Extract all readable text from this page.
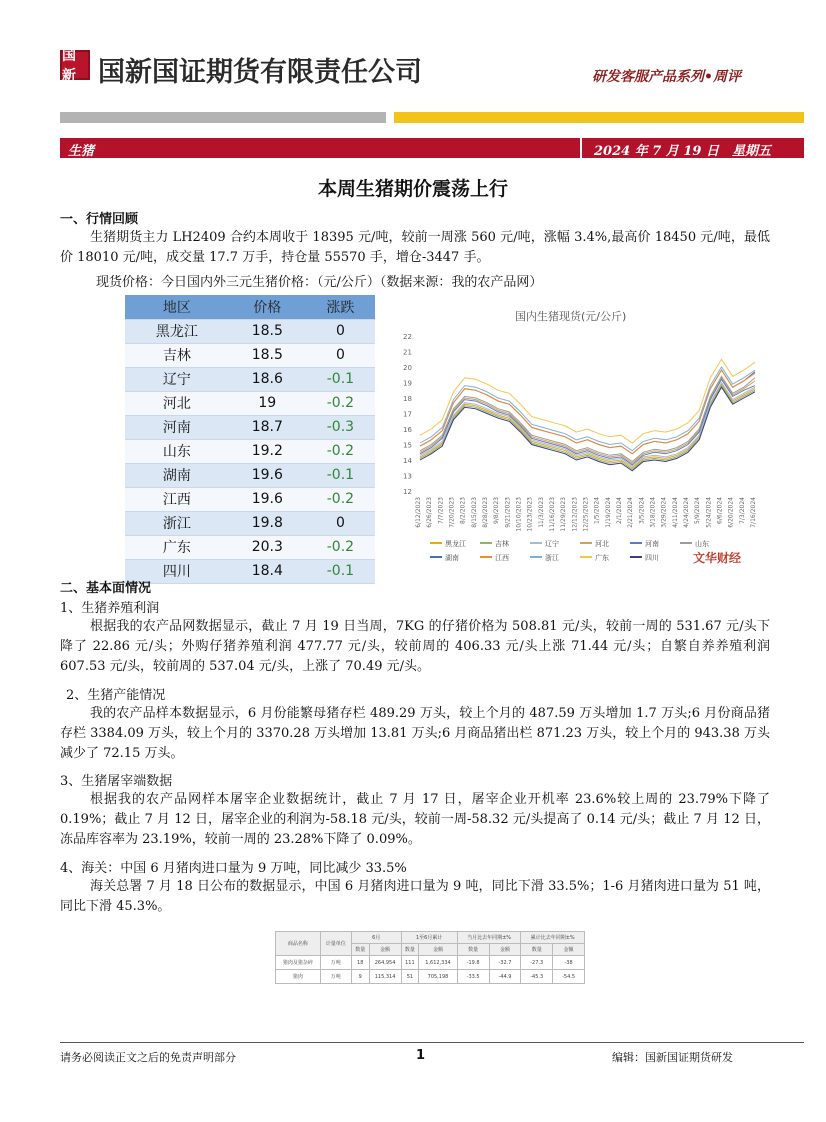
国新 国新国证期货有限责任公司	研发客服产品系列•周评
生猪	2024 年 7 月 19 日　星期五
本周生猪期价震荡上行
一、行情回顾
生猪期货主力 LH2409 合约本周收于 18395 元/吨，较前一周涨 560 元/吨，涨幅 3.4%,最高价 18450 元/吨，最低价 18010 元/吨，成交量 17.7 万手，持仓量 55570 手，增仓-3447 手。
现货价格：今日国内外三元生猪价格：（元/公斤）（数据来源：我的农产品网）
地区	价格	涨跌
黑龙江	18.5	0
吉林	18.5	0
辽宁	18.6	-0.1
河北	19	-0.2
河南	18.7	-0.3
山东	19.2	-0.2
湖南	19.6	-0.1
江西	19.6	-0.2
浙江	19.8	0
广东	20.3	-0.2
四川	18.4	-0.1
国内生猪现货(元/公斤)
12
13
14
15
16
17
18
19
20
21
22
6/12/2023 6/26/2023 7/7/2023 7/20/2023 8/2/2023 8/15/2023 8/28/2023 9/8/2023 9/21/2023 10/10/2023 10/23/2023 11/3/2023 11/16/2023 11/29/2023 12/12/2023 12/25/2023 1/5/2024 1/19/2024 2/1/2024 2/21/2024 3/5/2024 3/18/2024 3/29/2024 4/11/2024 4/24/2024 5/9/2024 5/24/2024 6/6/2024 6/20/2024 7/3/2024 7/16/2024
黑龙江	吉林	辽宁	河北	河南	山东
湖南	江西	浙江	广东	四川	文华财经
二、基本面情况
1、生猪养殖利润
根据我的农产品网数据显示，截止 7 月 19 日当周，7KG 的仔猪价格为 508.81 元/头，较前一周的 531.67 元/头下降了 22.86 元/头；外购仔猪养殖利润 477.77 元/头，较前周的 406.33 元/头上涨 71.44 元/头；自繁自养养殖利润 607.53 元/头，较前周的 537.04 元/头，上涨了 70.49 元/头。
2、生猪产能情况
我的农产品样本数据显示，6 月份能繁母猪存栏 489.29 万头，较上个月的 487.59 万头增加 1.7 万头;6 月份商品猪存栏 3384.09 万头，较上个月的 3370.28 万头增加 13.81 万头;6 月商品猪出栏 871.23 万头，较上个月的 943.38 万头减少了 72.15 万头。
3、生猪屠宰端数据
根据我的农产品网样本屠宰企业数据统计，截止 7 月 17 日，屠宰企业开机率 23.6%较上周的 23.79%下降了 0.19%；截止 7 月 12 日，屠宰企业的利润为-58.18 元/头，较前一周-58.32 元/头提高了 0.14 元/头；截止 7 月 12 日，冻品库容率为 23.19%，较前一周的 23.28%下降了 0.09%。
4、海关：中国 6 月猪肉进口量为 9 万吨，同比减少 33.5%
海关总署 7 月 18 日公布的数据显示，中国 6 月猪肉进口量为 9 吨，同比下滑 33.5%；1-6 月猪肉进口量为 51 吨，同比下滑 45.3%。
商品名称	计量单位	6月		1至6月累计		当月比去年同期±%		累计比去年同期±%	
		数量	金额	数量	金额	数量	金额	数量	金额
猪肉及猪杂碎	万吨	18	264,954	111	1,612,334	-19.8	-32.7	-27.3	-38
猪肉	万吨	9	115,314	51	705,198	-33.5	-44.9	-45.3	-54.5
请务必阅读正文之后的免责声明部分	1	编辑：国新国证期货研发
